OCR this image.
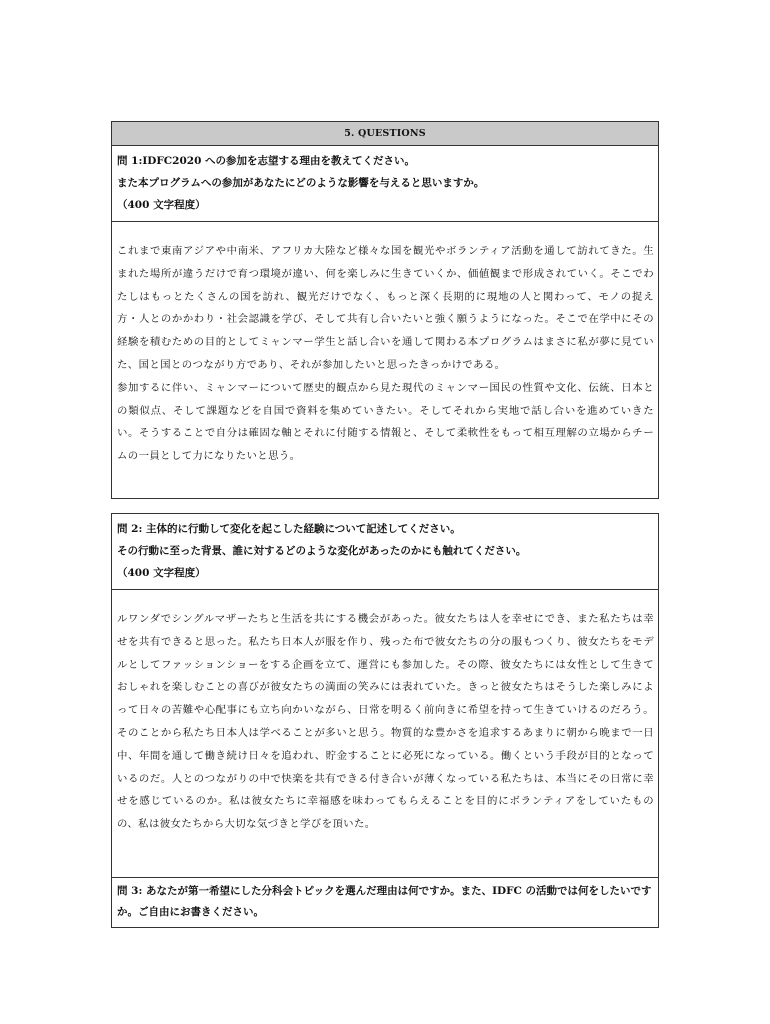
5. QUESTIONS
問 1:IDFC2020 への参加を志望する理由を教えてください。
また本プログラムへの参加があなたにどのような影響を与えると思いますか。
（400 文字程度）

これまで東南アジアや中南米、アフリカ大陸など様々な国を観光やボランティア活動を通して訪れてきた。生まれた場所が違うだけで育つ環境が違い、何を楽しみに生きていくか、価値観まで形成されていく。そこでわたしはもっとたくさんの国を訪れ、観光だけでなく、もっと深く長期的に現地の人と関わって、モノの捉え方・人とのかかわり・社会認識を学び、そして共有し合いたいと強く願うようになった。そこで在学中にその経験を積むための目的としてミャンマー学生と話し合いを通して関わる本プログラムはまさに私が夢に見ていた、国と国とのつながり方であり、それが参加したいと思ったきっかけである。

参加するに伴い、ミャンマーについて歴史的観点から見た現代のミャンマー国民の性質や文化、伝統、日本との類似点、そして課題などを自国で資料を集めていきたい。そしてそれから実地で話し合いを進めていきたい。そうすることで自分は確固な軸とそれに付随する情報と、そして柔軟性をもって相互理解の立場からチームの一員として力になりたいと思う。

問 2: 主体的に行動して変化を起こした経験について記述してください。
その行動に至った背景、誰に対するどのような変化があったのかにも触れてください。
（400 文字程度）

ルワンダでシングルマザーたちと生活を共にする機会があった。彼女たちは人を幸せにでき、また私たちは幸せを共有できると思った。私たち日本人が服を作り、残った布で彼女たちの分の服もつくり、彼女たちをモデルとしてファッションショーをする企画を立て、運営にも参加した。その際、彼女たちには女性として生きておしゃれを楽しむことの喜びが彼女たちの満面の笑みには表れていた。きっと彼女たちはそうした楽しみによって日々の苦難や心配事にも立ち向かいながら、日常を明るく前向きに希望を持って生きていけるのだろう。そのことから私たち日本人は学べることが多いと思う。物質的な豊かさを追求するあまりに朝から晩まで一日中、年間を通して働き続け日々を追われ、貯金することに必死になっている。働くという手段が目的となっているのだ。人とのつながりの中で快楽を共有できる付き合いが薄くなっている私たちは、本当にその日常に幸せを感じているのか。私は彼女たちに幸福感を味わってもらえることを目的にボランティアをしていたものの、私は彼女たちから大切な気づきと学びを頂いた。

問 3: あなたが第一希望にした分科会トピックを選んだ理由は何ですか。また、IDFC の活動では何をしたいですか。ご自由にお書きください。
